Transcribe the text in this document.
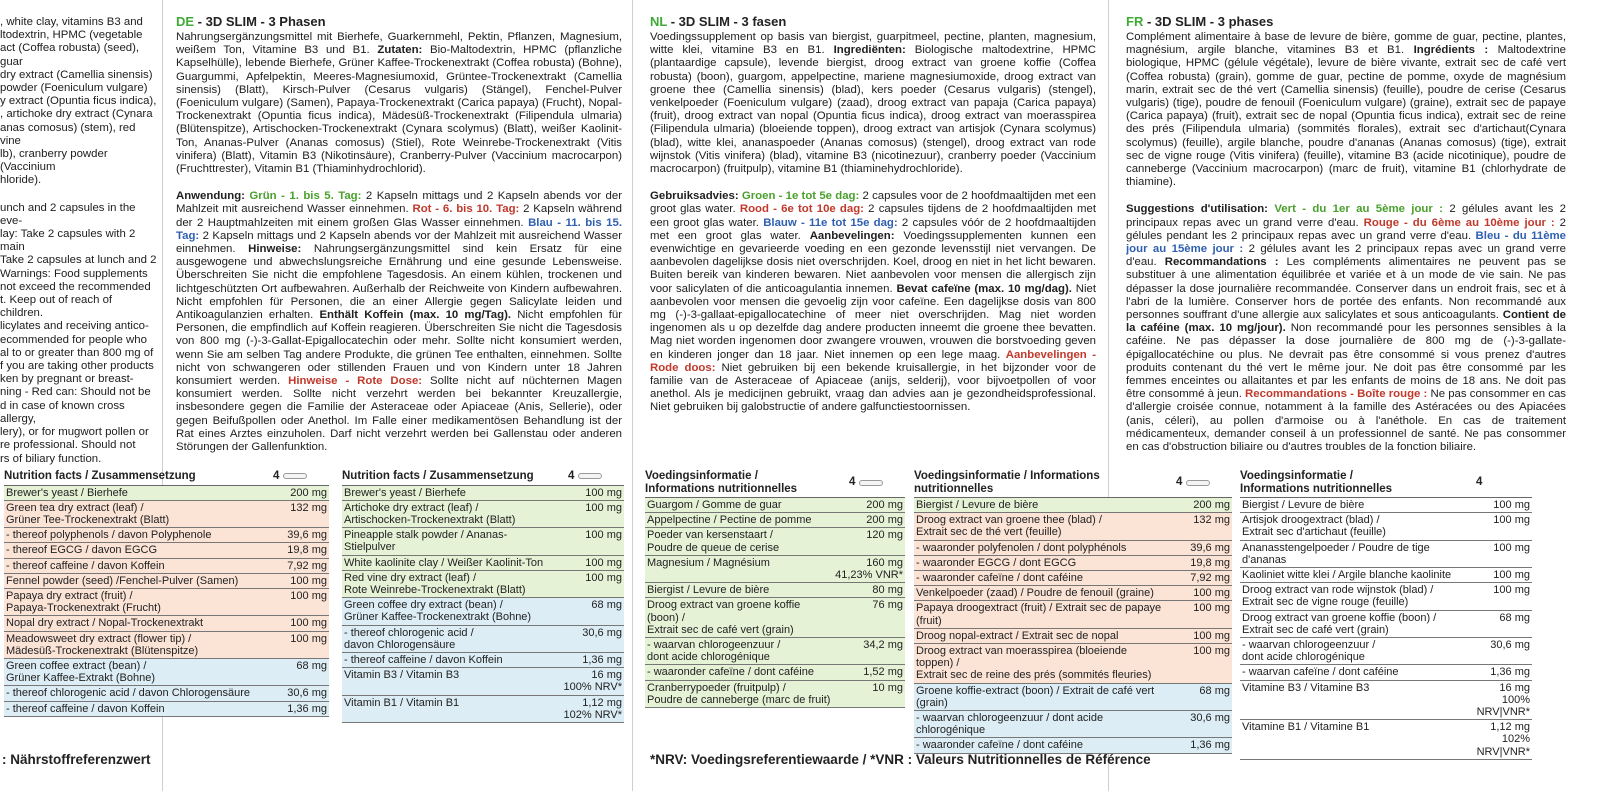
, white clay, vitamins B3 and
ltodextrin, HPMC (vegetable
act (Coffea robusta) (seed), guar
dry extract (Camellia sinensis)
powder (Foeniculum vulgare)
y extract (Opuntia ficus indica),
, artichoke dry extract (Cynara
anas comosus) (stem), red vine
lb), cranberry powder (Vaccinium
hloride).
unch and 2 capsules in the eve-
lay: Take 2 capsules with 2 main
Take 2 capsules at lunch and 2
Warnings: Food supplements
not exceed the recommended
t. Keep out of reach of children.
licylates and receiving antico-
ecommended for people who
al to or greater than 800 mg of
f you are taking other products
ken by pregnant or breast-
ning - Red can: Should not be
d in case of known cross allergy,
lery), or for mugwort pollen or
re professional. Should not
rs of biliary function.
DE - 3D SLIM - 3 Phasen
Nahrungsergänzungsmittel mit Bierhefe, Guarkernmehl, Pektin, Pflanzen, Magnesium, weißem Ton, Vitamine B3 und B1. Zutaten: Bio-Maltodextrin, HPMC (pflanzliche Kapselhülle), lebende Bierhefe, Grüner Kaffee-Trockenextrakt (Coffea robusta) (Bohne), Guargummi, Apfelpektin, Meeres-Magnesiumoxid, Grüntee-Trockenextrakt (Camellia sinensis) (Blatt), Kirsch-Pulver (Cesarus vulgaris) (Stängel), Fenchel-Pulver (Foeniculum vulgare) (Samen), Papaya-Trockenextrakt (Carica papaya) (Frucht), Nopal-Trockenextrakt (Opuntia ficus indica), Mädesüß-Trockenextrakt (Filipendula ulmaria) (Blütenspitze), Artischocken-Trockenextrakt (Cynara scolymus) (Blatt), weißer Kaolinit-Ton, Ananas-Pulver (Ananas comosus) (Stiel), Rote Weinrebe-Trockenextrakt (Vitis vinifera) (Blatt), Vitamin B3 (Nikotinsäure), Cranberry-Pulver (Vaccinium macrocarpon) (Fruchttrester), Vitamin B1 (Thiaminhydrochlorid).
Anwendung: Grün - 1. bis 5. Tag: 2 Kapseln mittags und 2 Kapseln abends vor der Mahlzeit mit ausreichend Wasser einnehmen. Rot - 6. bis 10. Tag: 2 Kapseln während der 2 Hauptmahlzeiten mit einem großen Glas Wasser einnehmen. Blau - 11. bis 15. Tag: 2 Kapseln mittags und 2 Kapseln abends vor der Mahlzeit mit ausreichend Wasser einnehmen. Hinweise: Nahrungsergänzungsmittel sind kein Ersatz für eine ausgewogene und abwechslungsreiche Ernährung und eine gesunde Lebensweise. Überschreiten Sie nicht die empfohlene Tagesdosis. An einem kühlen, trockenen und lichtgeschützten Ort aufbewahren. Außerhalb der Reichweite von Kindern aufbewahren. Nicht empfohlen für Personen, die an einer Allergie gegen Salicylate leiden und Antikoagulanzien erhalten. Enthält Koffein (max. 10 mg/Tag). Nicht empfohlen für Personen, die empfindlich auf Koffein reagieren. Überschreiten Sie nicht die Tagesdosis von 800 mg (-)-3-Gallat-Epigallocatechin oder mehr. Sollte nicht konsumiert werden, wenn Sie am selben Tag andere Produkte, die grünen Tee enthalten, einnehmen. Sollte nicht von schwangeren oder stillenden Frauen und von Kindern unter 18 Jahren konsumiert werden. Hinweise - Rote Dose: Sollte nicht auf nüchternen Magen konsumiert werden. Sollte nicht verzehrt werden bei bekannter Kreuzallergie, insbesondere gegen die Familie der Asteraceae oder Apiaceae (Anis, Sellerie), oder gegen Beifußpollen oder Anethol. Im Falle einer medikamentösen Behandlung ist der Rat eines Arztes einzuholen. Darf nicht verzehrt werden bei Gallenstau oder anderen Störungen der Gallenfunktion.
NL - 3D SLIM - 3 fasen
Voedingssupplement op basis van biergist, guarpitmeel, pectine, planten, magnesium, witte klei, vitamine B3 en B1. Ingrediënten: Biologische maltodextrine, HPMC (plantaardige capsule), levende biergist, droog extract van groene koffie (Coffea robusta) (boon), guargom, appelpectine, mariene magnesiumoxide, droog extract van groene thee (Camellia sinensis) (blad), kers poeder (Cesarus vulgaris) (stengel), venkelpoeder (Foeniculum vulgare) (zaad), droog extract van papaja (Carica papaya) (fruit), droog extract van nopal (Opuntia ficus indica), droog extract van moerasspirea (Filipendula ulmaria) (bloeiende toppen), droog extract van artisjok (Cynara scolymus) (blad), witte klei, ananaspoeder (Ananas comosus) (stengel), droog extract van rode wijnstok (Vitis vinifera) (blad), vitamine B3 (nicotinezuur), cranberry poeder (Vaccinium macrocarpon) (fruitpulp), vitamine B1 (thiaminehydrochloride).
Gebruiksadvies: Groen - 1e tot 5e dag: 2 capsules voor de 2 hoofdmaaltijden met een groot glas water. Rood - 6e tot 10e dag: 2 capsules tijdens de 2 hoofdmaaltijden met een groot glas water. Blauw - 11e tot 15e dag: 2 capsules vóór de 2 hoofdmaaltijden met een groot glas water. Aanbevelingen: Voedingssupplementen kunnen een evenwichtige en gevarieerde voeding en een gezonde levensstijl niet vervangen. De aanbevolen dagelijkse dosis niet overschrijden. Koel, droog en niet in het licht bewaren. Buiten bereik van kinderen bewaren. Niet aanbevolen voor mensen die allergisch zijn voor salicylaten of die anticoagulantia innemen. Bevat cafeïne (max. 10 mg/dag). Niet aanbevolen voor mensen die gevoelig zijn voor cafeïne. Een dagelijkse dosis van 800 mg (-)-3-gallaat-epigallocatechine of meer niet overschrijden. Mag niet worden ingenomen als u op dezelfde dag andere producten inneemt die groene thee bevatten. Mag niet worden ingenomen door zwangere vrouwen, vrouwen die borstvoeding geven en kinderen jonger dan 18 jaar. Niet innemen op een lege maag. Aanbevelingen - Rode doos: Niet gebruiken bij een bekende kruisallergie, in het bijzonder voor de familie van de Asteraceae of Apiaceae (anijs, selderij), voor bijvoetpollen of voor anethol. Als je medicijnen gebruikt, vraag dan advies aan je gezondheidsprofessional. Niet gebruiken bij galobstructie of andere galfunctiestoornissen.
FR - 3D SLIM - 3 phases
Complément alimentaire à base de levure de bière, gomme de guar, pectine, plantes, magnésium, argile blanche, vitamines B3 et B1. Ingrédients : Maltodextrine biologique, HPMC (gélule végétale), levure de bière vivante, extrait sec de café vert (Coffea robusta) (grain), gomme de guar, pectine de pomme, oxyde de magnésium marin, extrait sec de thé vert (Camellia sinensis) (feuille), poudre de cerise (Cesarus vulgaris) (tige), poudre de fenouil (Foeniculum vulgare) (graine), extrait sec de papaye (Carica papaya) (fruit), extrait sec de nopal (Opuntia ficus indica), extrait sec de reine des prés (Filipendula ulmaria) (sommités florales), extrait sec d'artichaut(Cynara scolymus) (feuille), argile blanche, poudre d'ananas (Ananas comosus) (tige), extrait sec de vigne rouge (Vitis vinifera) (feuille), vitamine B3 (acide nicotinique), poudre de canneberge (Vaccinium macrocarpon) (marc de fruit), vitamine B1 (chlorhydrate de thiamine).
Suggestions d'utilisation: Vert - du 1er au 5ème jour : 2 gélules avant les 2 principaux repas avec un grand verre d'eau. Rouge - du 6ème au 10ème jour : 2 gélules pendant les 2 principaux repas avec un grand verre d'eau. Bleu - du 11ème jour au 15ème jour : 2 gélules avant les 2 principaux repas avec un grand verre d'eau. Recommandations : Les compléments alimentaires ne peuvent pas se substituer à une alimentation équilibrée et variée et à un mode de vie sain. Ne pas dépasser la dose journalière recommandée. Conserver dans un endroit frais, sec et à l'abri de la lumière. Conserver hors de portée des enfants. Non recommandé aux personnes souffrant d'une allergie aux salicylates et sous anticoagulants. Contient de la caféine (max. 10 mg/jour). Non recommandé pour les personnes sensibles à la caféine. Ne pas dépasser la dose journalière de 800 mg de (-)-3-gallate-épigallocatéchine ou plus. Ne devrait pas être consommé si vous prenez d'autres produits contenant du thé vert le même jour. Ne doit pas être consommé par les femmes enceintes ou allaitantes et par les enfants de moins de 18 ans. Ne doit pas être consommé à jeun. Recommandations - Boîte rouge : Ne pas consommer en cas d'allergie croisée connue, notamment à la famille des Astéracées ou des Apiacées (anis, céleri), au pollen d'armoise ou à l'anéthole. En cas de traitement médicamenteux, demander conseil à un professionnel de santé. Ne pas consommer en cas d'obstruction biliaire ou d'autres troubles de la fonction biliaire.
Nutrition facts / Zusammensetzung	4
Brewer's yeast / Bierhefe	200 mg
Green tea dry extract (leaf) /
Grüner Tee-Trockenextrakt (Blatt)
132 mg
- thereof polyphenols / davon Polyphenole	39,6 mg
- thereof EGCG / davon EGCG	19,8 mg
- thereof caffeine / davon Koffein	7,92 mg
Fennel powder (seed) /Fenchel-Pulver (Samen)	100 mg
Papaya dry extract (fruit) /
Papaya-Trockenextrakt (Frucht)
100 mg
Nopal dry extract / Nopal-Trockenextrakt	100 mg
Meadowsweet dry extract (flower tip) /
Mädesüß-Trockenextrakt (Blütenspitze)
100 mg
Green coffee extract (bean) /
Grüner Kaffee-Extrakt (Bohne)
68 mg
- thereof chlorogenic acid / davon Chlorogensäure	30,6 mg
- thereof caffeine / davon Koffein	1,36 mg
Nutrition facts / Zusammensetzung	4
Brewer's yeast / Bierhefe	100 mg
Artichoke dry extract (leaf) /
Artischocken-Trockenextrakt (Blatt)
100 mg
Pineapple stalk powder / Ananas-Stielpulver
100 mg
White kaolinite clay / Weißer Kaolinit-Ton	100 mg
Red vine dry extract (leaf) /
Rote Weinrebe-Trockenextrakt (Blatt)
100 mg
Green coffee dry extract (bean) /
Grüner Kaffee-Trockenextrakt (Bohne)
68 mg
- thereof chlorogenic acid /
davon Chlorogensäure
30,6 mg
- thereof caffeine / davon Koffein	1,36 mg
Vitamin B3 / Vitamin B3	16 mg
100% NRV*
Vitamin B1 / Vitamin B1	1,12 mg
102% NRV*
Voedingsinformatie /
Informations nutritionnelles
4
Guargom / Gomme de guar	200 mg
Appelpectine / Pectine de pomme	200 mg
Poeder van kersenstaart /
Poudre de queue de cerise
120 mg
Magnesium / Magnésium	160 mg
41,23% VNR*
Biergist / Levure de bière	80 mg
Droog extract van groene koffie (boon) /
Extrait sec de café vert (grain)
76 mg
- waarvan chlorogeenzuur /
dont acide chlorogénique
34,2 mg
- waaronder cafeïne / dont caféine	1,52 mg
Cranberrypoeder (fruitpulp) /
Poudre de canneberge (marc de fruit)
10 mg
Voedingsinformatie / Informations nutritionnelles
4
Biergist / Levure de bière	200 mg
Droog extract van groene thee (blad) /
Extrait sec de thé vert (feuille)
132 mg
- waaronder polyfenolen / dont polyphénols	39,6 mg
- waaronder EGCG / dont EGCG	19,8 mg
- waaronder cafeïne / dont caféine	7,92 mg
Venkelpoeder (zaad) / Poudre de fenouil (graine)	100 mg
Papaya droogextract (fruit) / Extrait sec de papaye (fruit)
100 mg
Droog nopal-extract / Extrait sec de nopal	100 mg
Droog extract van moerasspirea (bloeiende toppen) /
Extrait sec de reine des prés (sommités fleuries)
100 mg
Groene koffie-extract (boon) / Extrait de café vert (grain)
68 mg
- waarvan chlorogeenzuur / dont acide chlorogénique
30,6 mg
- waaronder cafeïne / dont caféine	1,36 mg
Voedingsinformatie /
Informations nutritionnelles
4
Biergist / Levure de bière	100 mg
Artisjok droogextract (blad) /
Extrait sec d'artichaut (feuille)
100 mg
Ananasstengelpoeder / Poudre de tige d'ananas
100 mg
Kaoliniet witte klei / Argile blanche kaolinite	100 mg
Droog extract van rode wijnstok (blad) /
Extrait sec de vigne rouge (feuille)
100 mg
Droog extract van groene koffie (boon) /
Extrait sec de café vert (grain)
68 mg
- waarvan chlorogeenzuur /
dont acide chlorogénique
30,6 mg
- waarvan cafeïne / dont caféine	1,36 mg
Vitamine B3 / Vitamine B3	16 mg
100% NRV|VNR*
Vitamine B1 / Vitamine B1	1,12 mg
102% NRV|VNR*
: Nährstoffreferenzwert	*NRV: Voedingsreferentiewaarde / *VNR : Valeurs Nutritionnelles de Référence
